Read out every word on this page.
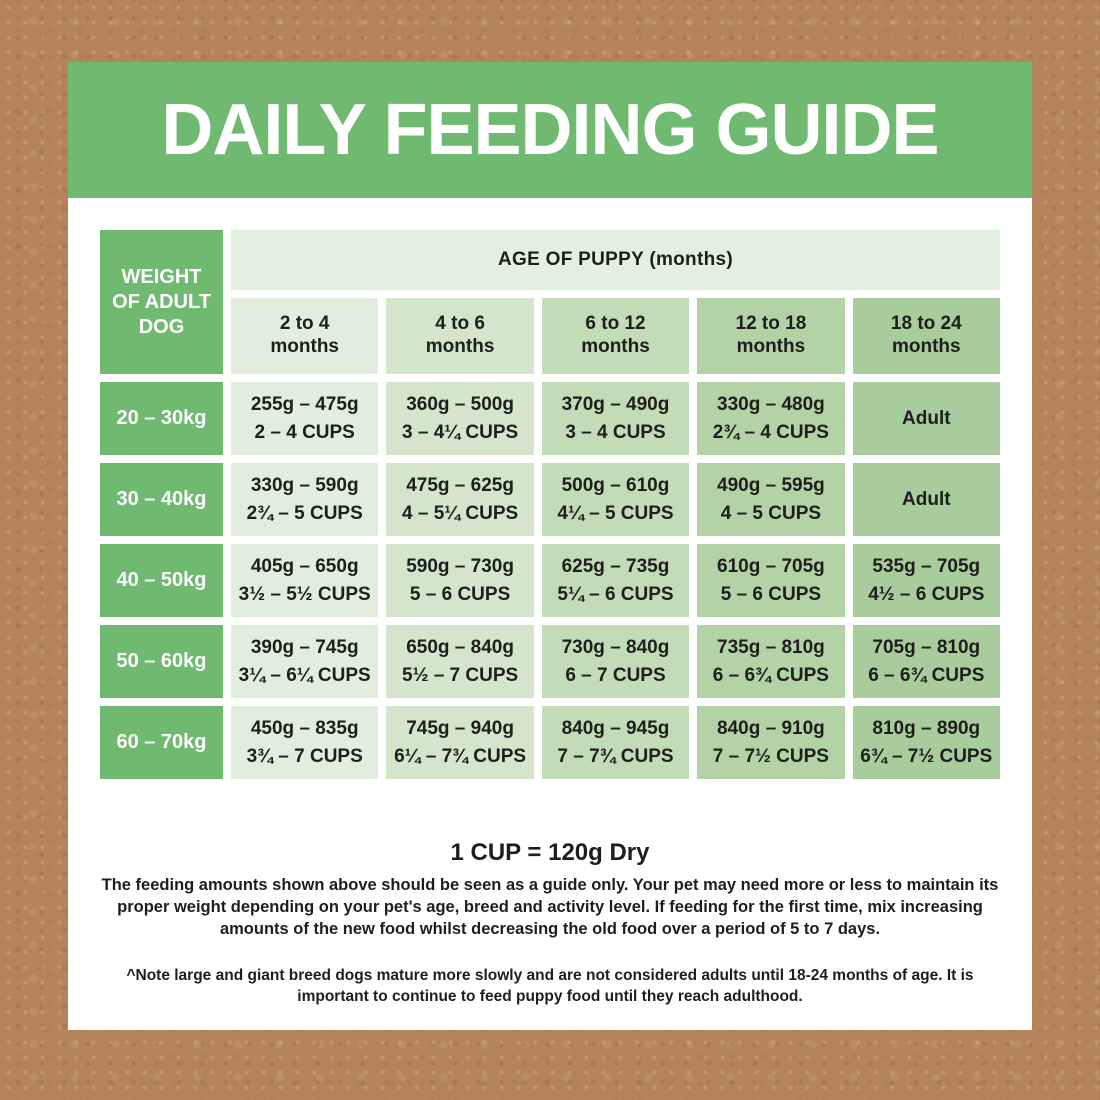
DAILY FEEDING GUIDE
WEIGHT OF ADULT DOG
AGE OF PUPPY (months)
2 to 4
months
4 to 6
months
6 to 12
months
12 to 18
months
18 to 24
months
20 – 30kg
255g – 475g
2 – 4 CUPS
360g – 500g
3 – 4¼ CUPS
370g – 490g
3 – 4 CUPS
330g – 480g
2¾ – 4 CUPS
Adult
30 – 40kg
330g – 590g
2¾ – 5 CUPS
475g – 625g
4 – 5¼ CUPS
500g – 610g
4¼ – 5 CUPS
490g – 595g
4 – 5 CUPS
Adult
40 – 50kg
405g – 650g
3½ – 5½ CUPS
590g – 730g
5 – 6 CUPS
625g – 735g
5¼ – 6 CUPS
610g – 705g
5 – 6 CUPS
535g – 705g
4½ – 6 CUPS
50 – 60kg
390g – 745g
3¼ – 6¼ CUPS
650g – 840g
5½ – 7 CUPS
730g – 840g
6 – 7 CUPS
735g – 810g
6 – 6¾ CUPS
705g – 810g
6 – 6¾ CUPS
60 – 70kg
450g – 835g
3¾ – 7 CUPS
745g – 940g
6¼ – 7¾ CUPS
840g – 945g
7 – 7¾ CUPS
840g – 910g
7 – 7½ CUPS
810g – 890g
6¾ – 7½ CUPS
1 CUP = 120g Dry

The feeding amounts shown above should be seen as a guide only. Your pet may need more or less to maintain its proper weight depending on your pet's age, breed and activity level. If feeding for the first time, mix increasing amounts of the new food whilst decreasing the old food over a period of 5 to 7 days.

^Note large and giant breed dogs mature more slowly and are not considered adults until 18-24 months of age. It is important to continue to feed puppy food until they reach adulthood.
